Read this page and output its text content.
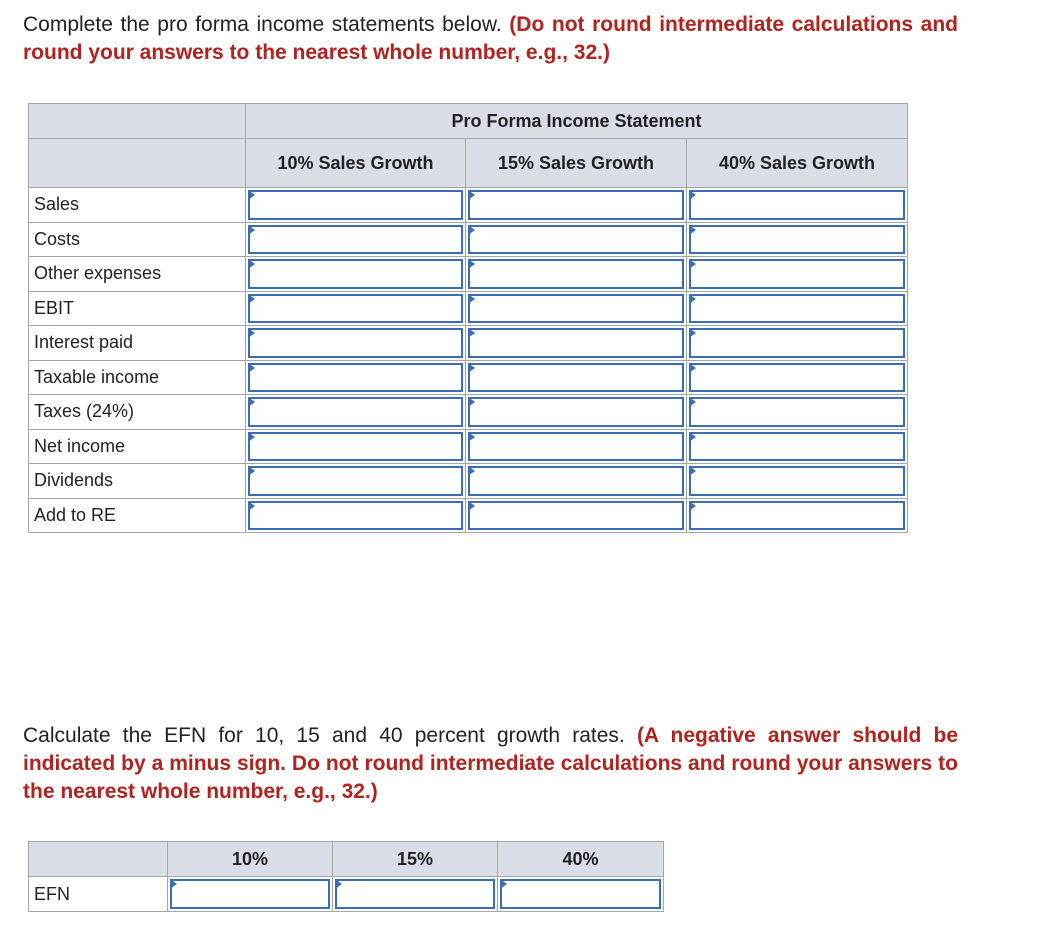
Complete the pro forma income statements below. (Do not round intermediate calculations and round your answers to the nearest whole number, e.g., 32.)

	Pro Forma Income Statement		
	10% Sales Growth	15% Sales Growth	40% Sales Growth
Sales	

Costs	

Other expenses	

EBIT	

Interest paid	

Taxable income	

Taxes (24%)	

Net income	

Dividends	

Add to RE	

Calculate the EFN for 10, 15 and 40 percent growth rates. (A negative answer should be indicated by a minus sign. Do not round intermediate calculations and round your answers to the nearest whole number, e.g., 32.)

	10%	15%	40%
EFN	
